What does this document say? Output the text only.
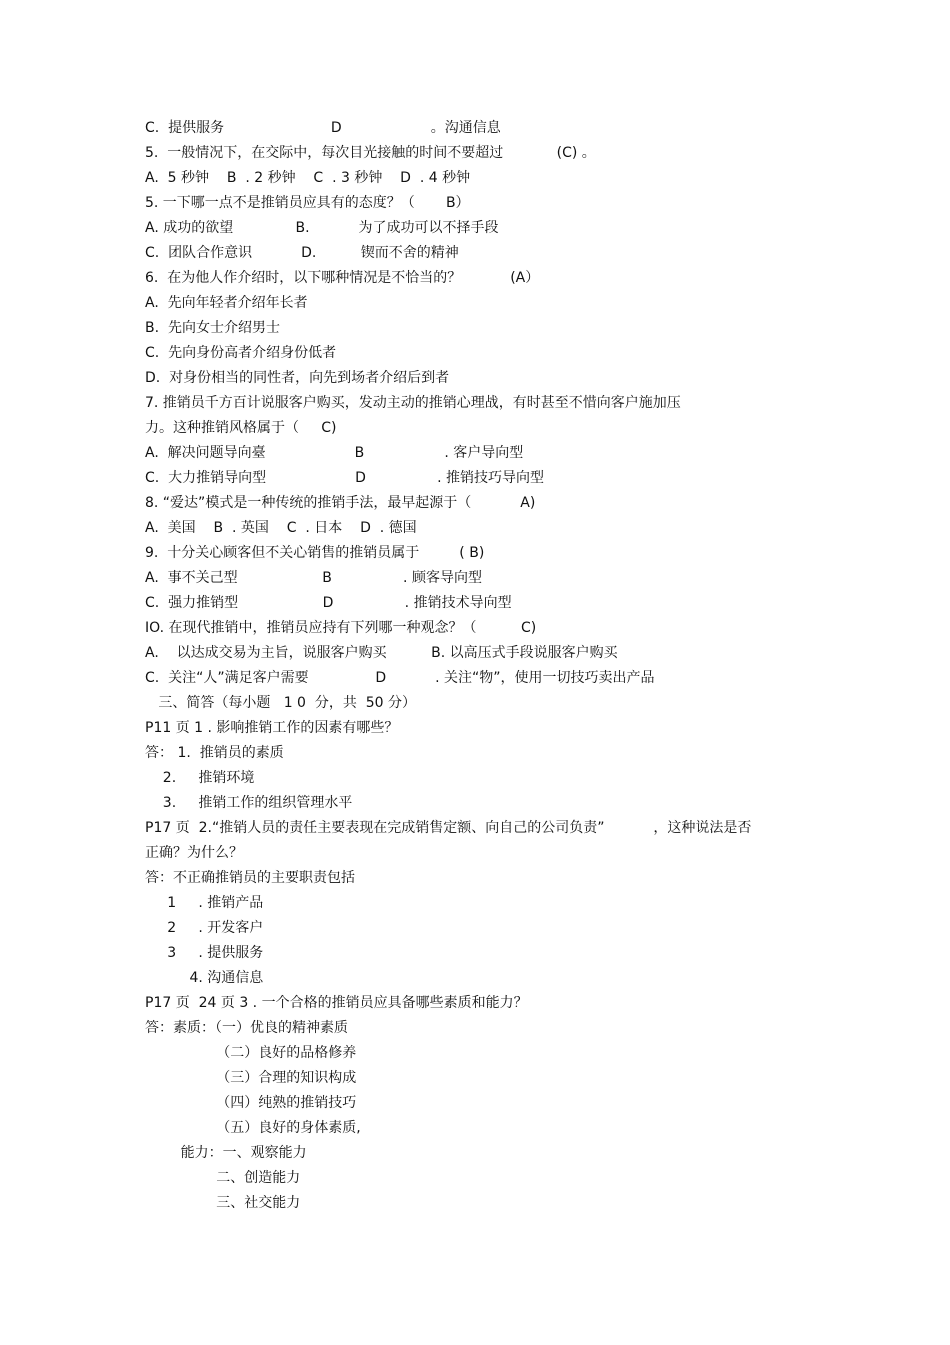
C.  提供服务                        D                    。沟通信息
5.  一般情况下，在交际中，每次目光接触的时间不要超过            (C) 。
A.  5 秒钟    B  . 2 秒钟    C  . 3 秒钟    D  . 4 秒钟
5. 一下哪一点不是推销员应具有的态度？（       B）
A. 成功的欲望              B.           为了成功可以不择手段
C.  团队合作意识           D.          锲而不舍的精神
6.  在为他人作介绍时，以下哪种情况是不恰当的？           (A）
A.  先向年轻者介绍年长者
B.  先向女士介绍男士
C.  先向身份高者介绍身份低者
D.  对身份相当的同性者，向先到场者介绍后到者
7. 推销员千方百计说服客户购买，发动主动的推销心理战，有时甚至不惜向客户施加压
力。这种推销风格属于（     C)
A.  解决问题导向臺                    B                  . 客户导向型
C.  大力推销导向型                    D                . 推销技巧导向型
8. “爱达”模式是一种传统的推销手法，最早起源于（           A)
A.  美国    B  . 英国    C  . 日本    D  . 德国
9.  十分关心顾客但不关心销售的推销员属于         ( B)
A.  事不关己型                   B                . 顾客导向型
C.  强力推销型                   D                . 推销技术导向型
IO. 在现代推销中，推销员应持有下列哪一种观念？（          C)
A.    以达成交易为主旨，说服客户购买          B. 以高压式手段说服客户购买
C.  关注“人”满足客户需要               D           . 关注“物”，使用一切技巧卖出产品
三、简答（每小题   1 0  分，共  50 分）
P11 页 1 . 影响推销工作的因素有哪些？
答： 1.  推销员的素质
2.     推销环境
3.     推销工作的组织管理水平
P17 页  2.“推销人员的责任主要表现在完成销售定额、向自己的公司负责”           ，这种说法是否
正确？为什么？
答：不正确推销员的主要职责包括
1     . 推销产品
2     . 开发客户
3     . 提供服务
4. 沟通信息
P17 页  24 页 3 . 一个合格的推销员应具备哪些素质和能力？
答：素质：（一）优良的精神素质
（二）良好的品格修养
（三）合理的知识构成
（四）纯熟的推销技巧
（五）良好的身体素质,
能力：一、观察能力
二、创造能力
三、社交能力
